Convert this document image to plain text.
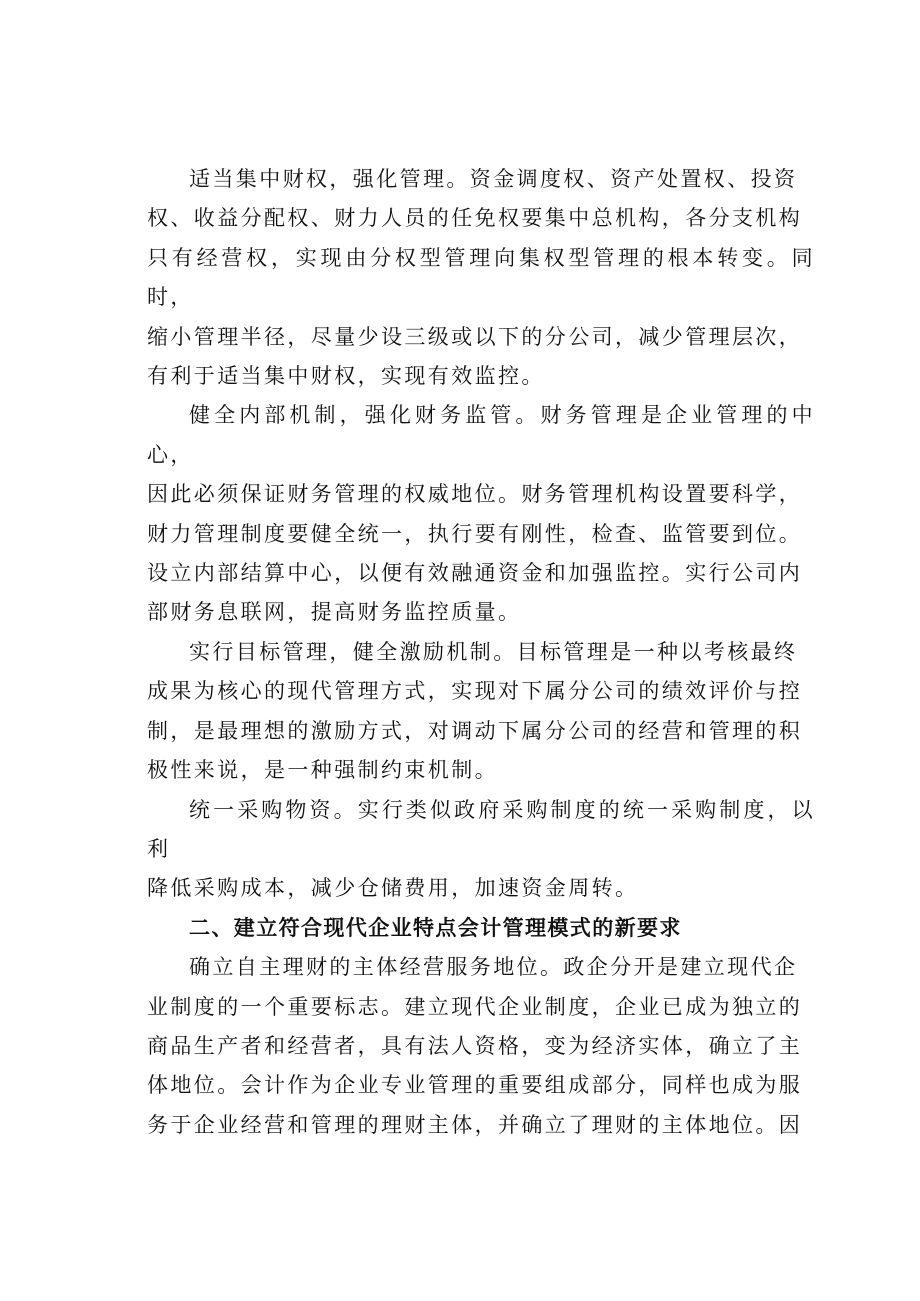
适当集中财权，强化管理。资金调度权、资产处置权、投资
权、收益分配权、财力人员的任免权要集中总机构，各分支机构
只有经营权，实现由分权型管理向集权型管理的根本转变。同时，
缩小管理半径，尽量少设三级或以下的分公司，减少管理层次，
有利于适当集中财权，实现有效监控。

健全内部机制，强化财务监管。财务管理是企业管理的中心，
因此必须保证财务管理的权威地位。财务管理机构设置要科学，
财力管理制度要健全统一，执行要有刚性，检查、监管要到位。
设立内部结算中心，以便有效融通资金和加强监控。实行公司内
部财务息联网，提高财务监控质量。

实行目标管理，健全激励机制。目标管理是一种以考核最终
成果为核心的现代管理方式，实现对下属分公司的绩效评价与控
制，是最理想的激励方式，对调动下属分公司的经营和管理的积
极性来说，是一种强制约束机制。

统一采购物资。实行类似政府采购制度的统一采购制度，以利
降低采购成本，减少仓储费用，加速资金周转。

二、建立符合现代企业特点会计管理模式的新要求

确立自主理财的主体经营服务地位。政企分开是建立现代企
业制度的一个重要标志。建立现代企业制度，企业已成为独立的
商品生产者和经营者，具有法人资格，变为经济实体，确立了主
体地位。会计作为企业专业管理的重要组成部分，同样也成为服
务于企业经营和管理的理财主体，并确立了理财的主体地位。因
